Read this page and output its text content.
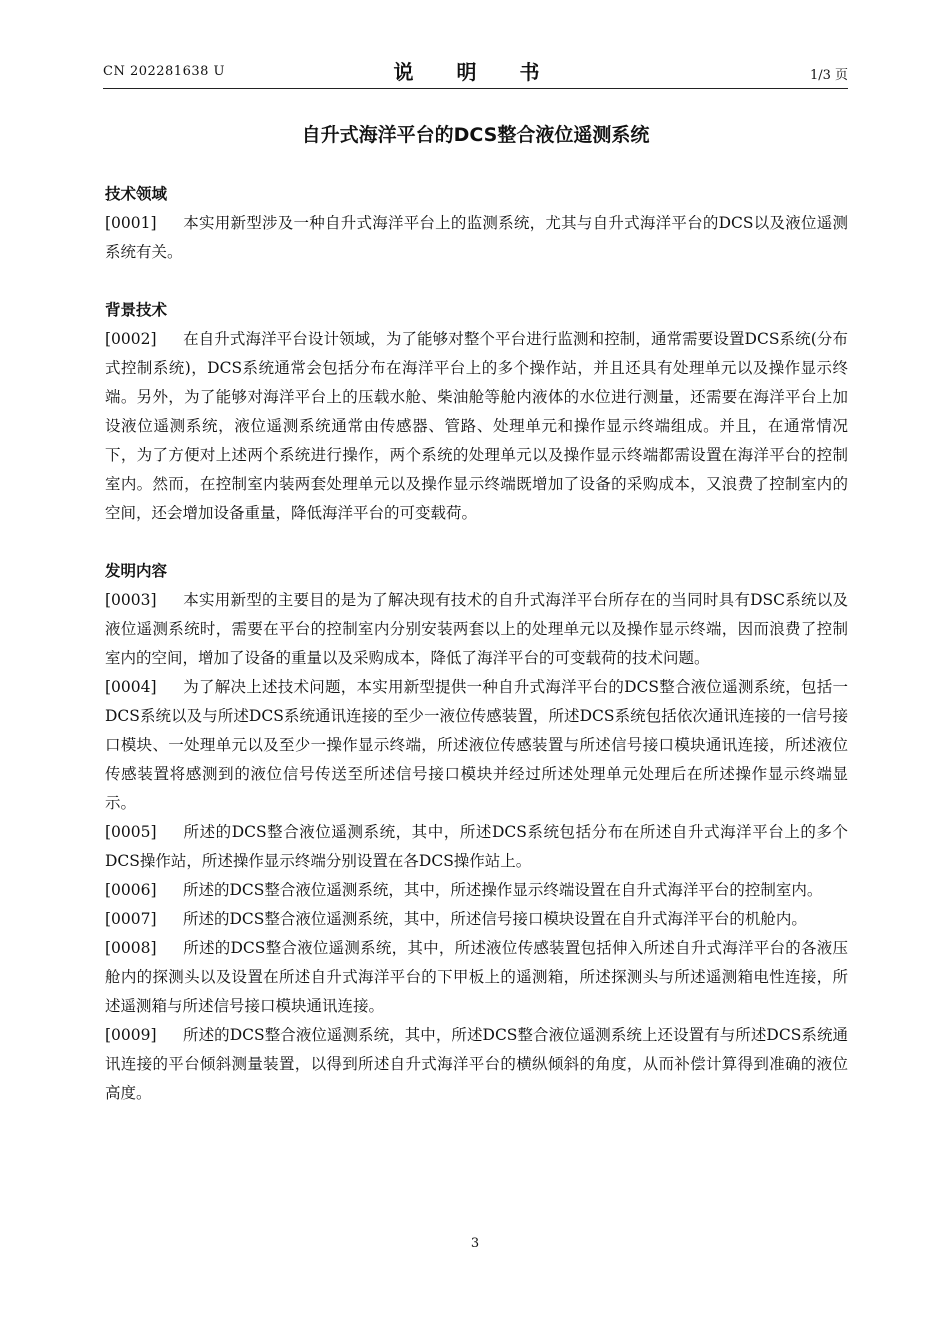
CN 202281638 U	说 明 书	1/3 页
自升式海洋平台的DCS整合液位遥测系统
技术领域
[0001] 本实用新型涉及一种自升式海洋平台上的监测系统，尤其与自升式海洋平台的DCS以及液位遥测系统有关。
背景技术
[0002] 在自升式海洋平台设计领域，为了能够对整个平台进行监测和控制，通常需要设置DCS系统(分布式控制系统)，DCS系统通常会包括分布在海洋平台上的多个操作站，并且还具有处理单元以及操作显示终端。另外，为了能够对海洋平台上的压载水舱、柴油舱等舱内液体的水位进行测量，还需要在海洋平台上加设液位遥测系统，液位遥测系统通常由传感器、管路、处理单元和操作显示终端组成。并且，在通常情况下，为了方便对上述两个系统进行操作，两个系统的处理单元以及操作显示终端都需设置在海洋平台的控制室内。然而，在控制室内装两套处理单元以及操作显示终端既增加了设备的采购成本，又浪费了控制室内的空间，还会增加设备重量，降低海洋平台的可变载荷。
发明内容
[0003] 本实用新型的主要目的是为了解决现有技术的自升式海洋平台所存在的当同时具有DSC系统以及液位遥测系统时，需要在平台的控制室内分别安装两套以上的处理单元以及操作显示终端，因而浪费了控制室内的空间，增加了设备的重量以及采购成本，降低了海洋平台的可变载荷的技术问题。
[0004] 为了解决上述技术问题，本实用新型提供一种自升式海洋平台的DCS整合液位遥测系统，包括一DCS系统以及与所述DCS系统通讯连接的至少一液位传感装置，所述DCS系统包括依次通讯连接的一信号接口模块、一处理单元以及至少一操作显示终端，所述液位传感装置与所述信号接口模块通讯连接，所述液位传感装置将感测到的液位信号传送至所述信号接口模块并经过所述处理单元处理后在所述操作显示终端显示。
[0005] 所述的DCS整合液位遥测系统，其中，所述DCS系统包括分布在所述自升式海洋平台上的多个DCS操作站，所述操作显示终端分别设置在各DCS操作站上。
[0006] 所述的DCS整合液位遥测系统，其中，所述操作显示终端设置在自升式海洋平台的控制室内。
[0007] 所述的DCS整合液位遥测系统，其中，所述信号接口模块设置在自升式海洋平台的机舱内。
[0008] 所述的DCS整合液位遥测系统，其中，所述液位传感装置包括伸入所述自升式海洋平台的各液压舱内的探测头以及设置在所述自升式海洋平台的下甲板上的遥测箱，所述探测头与所述遥测箱电性连接，所述遥测箱与所述信号接口模块通讯连接。
[0009] 所述的DCS整合液位遥测系统，其中，所述DCS整合液位遥测系统上还设置有与所述DCS系统通讯连接的平台倾斜测量装置，以得到所述自升式海洋平台的横纵倾斜的角度，从而补偿计算得到准确的液位高度。
3
